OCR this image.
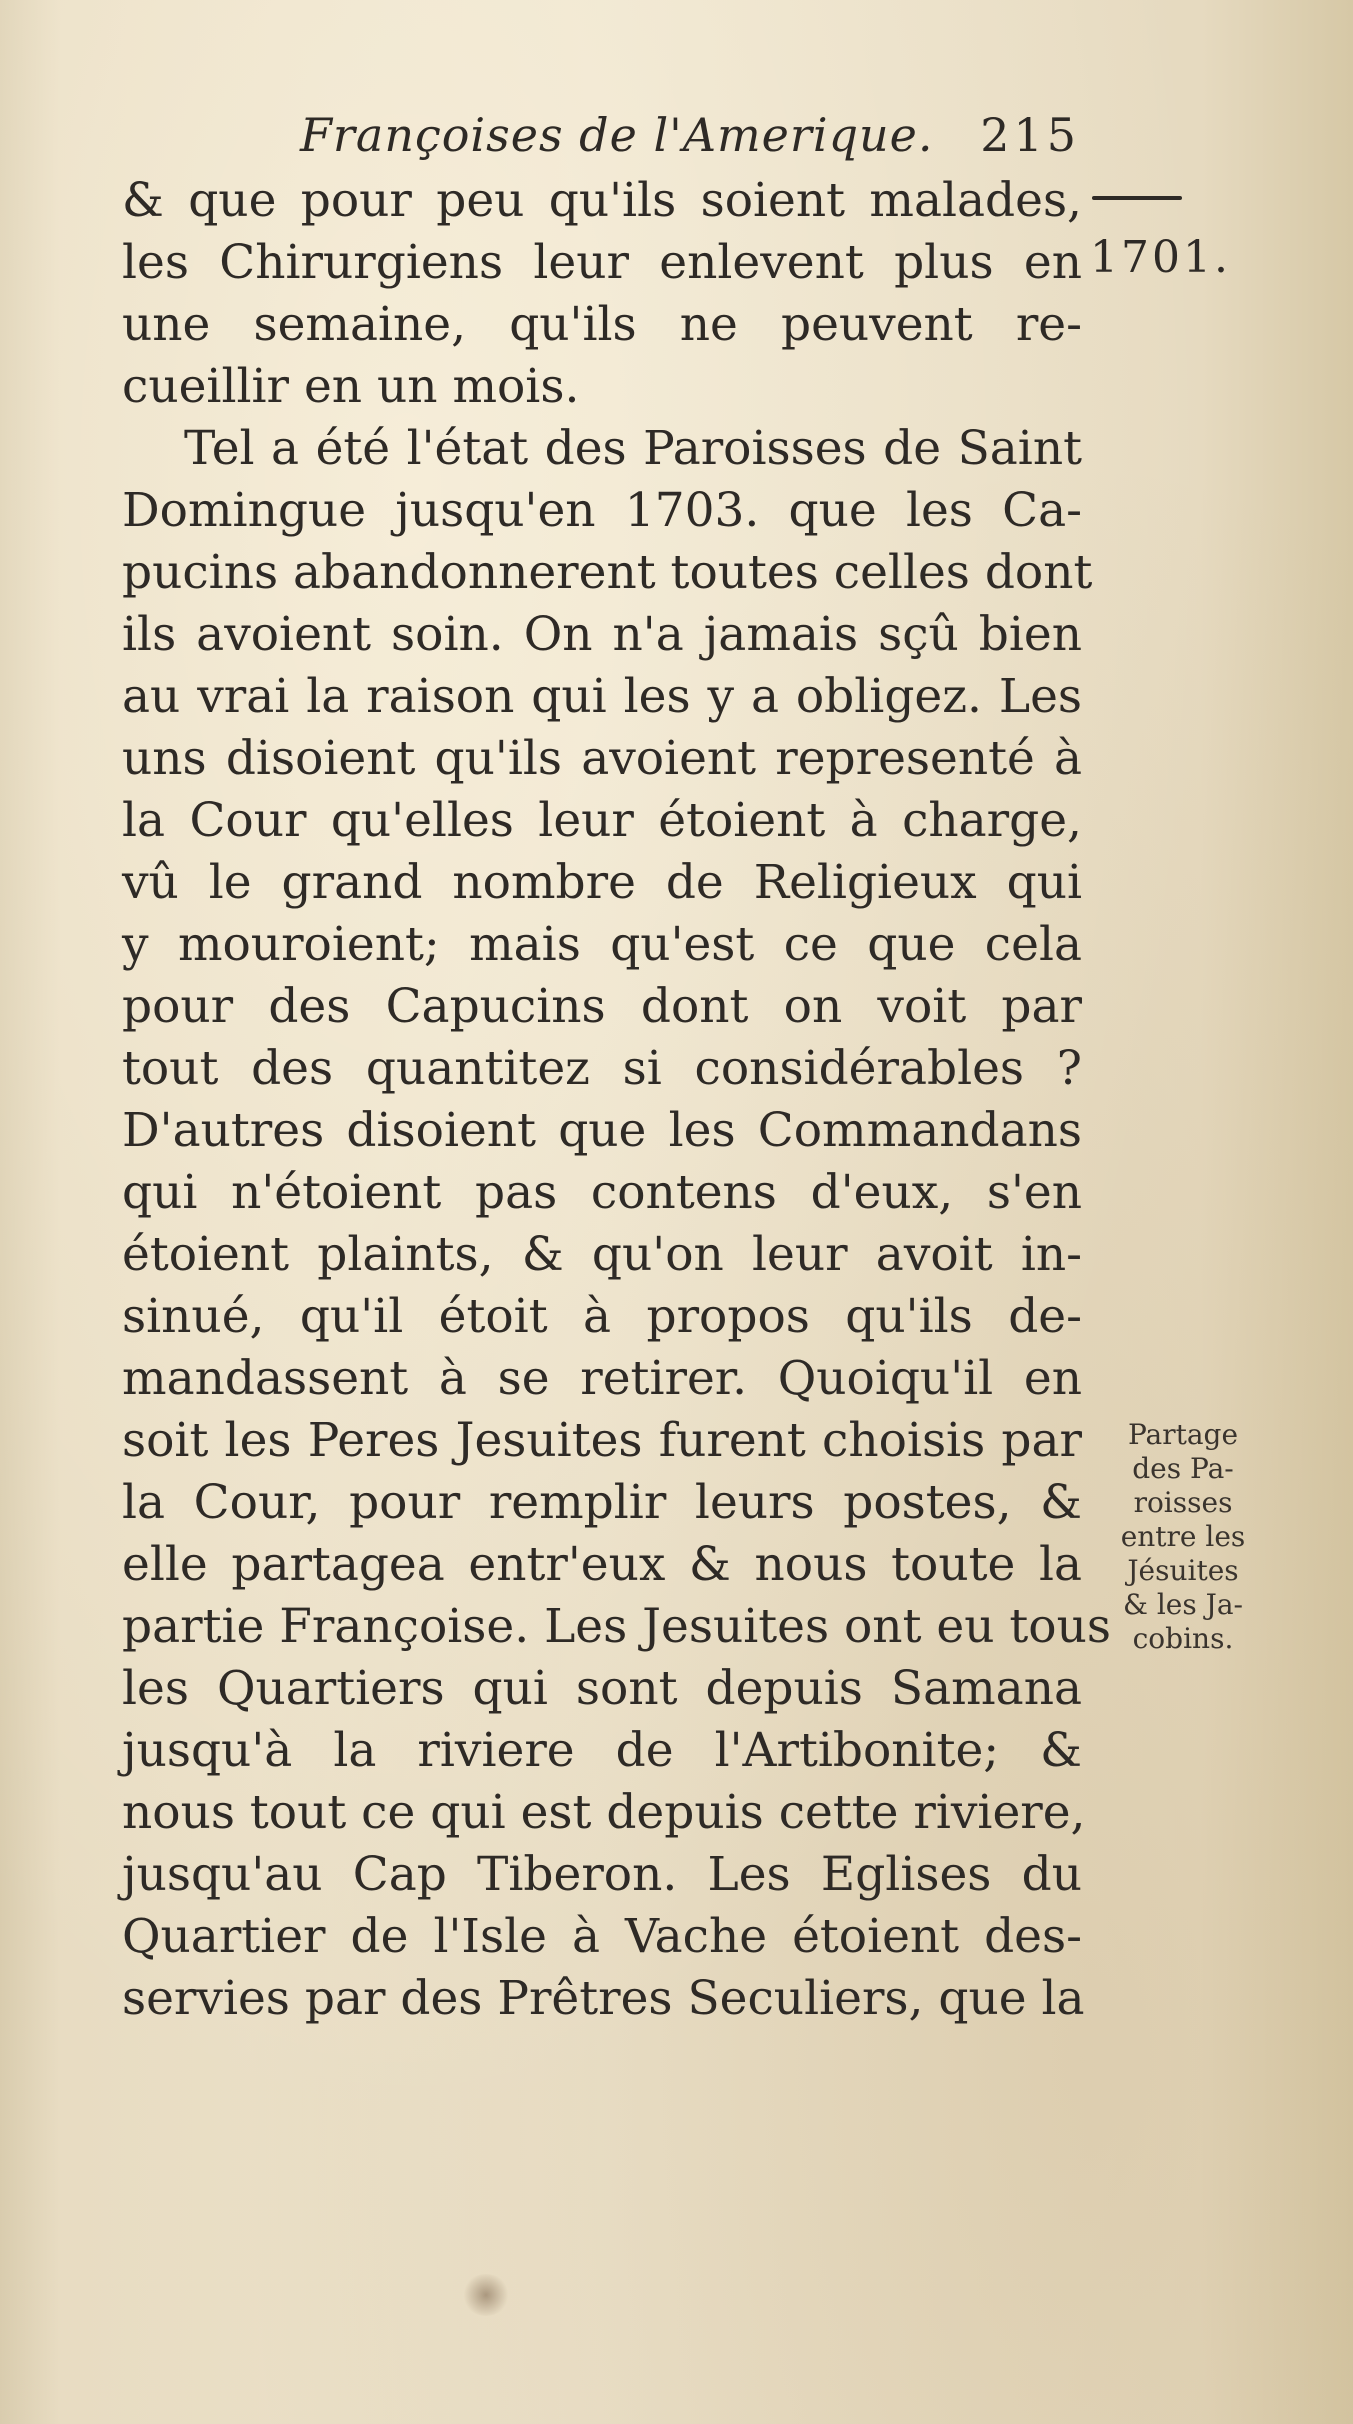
Françoises de l'Amerique. 215
1701.
& que pour peu qu'ils soient malades,
les Chirurgiens leur enlevent plus en
une semaine, qu'ils ne peuvent re-
cueillir en un mois.
Tel a été l'état des Paroisses de Saint
Domingue jusqu'en 1703. que les Ca-
pucins abandonnerent toutes celles dont
ils avoient soin. On n'a jamais sçû bien
au vrai la raison qui les y a obligez. Les
uns disoient qu'ils avoient representé à
la Cour qu'elles leur étoient à charge,
vû le grand nombre de Religieux qui
y mouroient; mais qu'est ce que cela
pour des Capucins dont on voit par
tout des quantitez si considérables ?
D'autres disoient que les Commandans
qui n'étoient pas contens d'eux, s'en
étoient plaints, & qu'on leur avoit in-
sinué, qu'il étoit à propos qu'ils de-
mandassent à se retirer. Quoiqu'il en
soit les Peres Jesuites furent choisis par
la Cour, pour remplir leurs postes, &
elle partagea entr'eux & nous toute la
partie Françoise. Les Jesuites ont eu tous
les Quartiers qui sont depuis Samana
jusqu'à la riviere de l'Artibonite; &
nous tout ce qui est depuis cette riviere,
jusqu'au Cap Tiberon. Les Eglises du
Quartier de l'Isle à Vache étoient des-
servies par des Prêtres Seculiers, que la
Partage
des Pa-
roisses
entre les
Jésuites
& les Ja-
cobins.
